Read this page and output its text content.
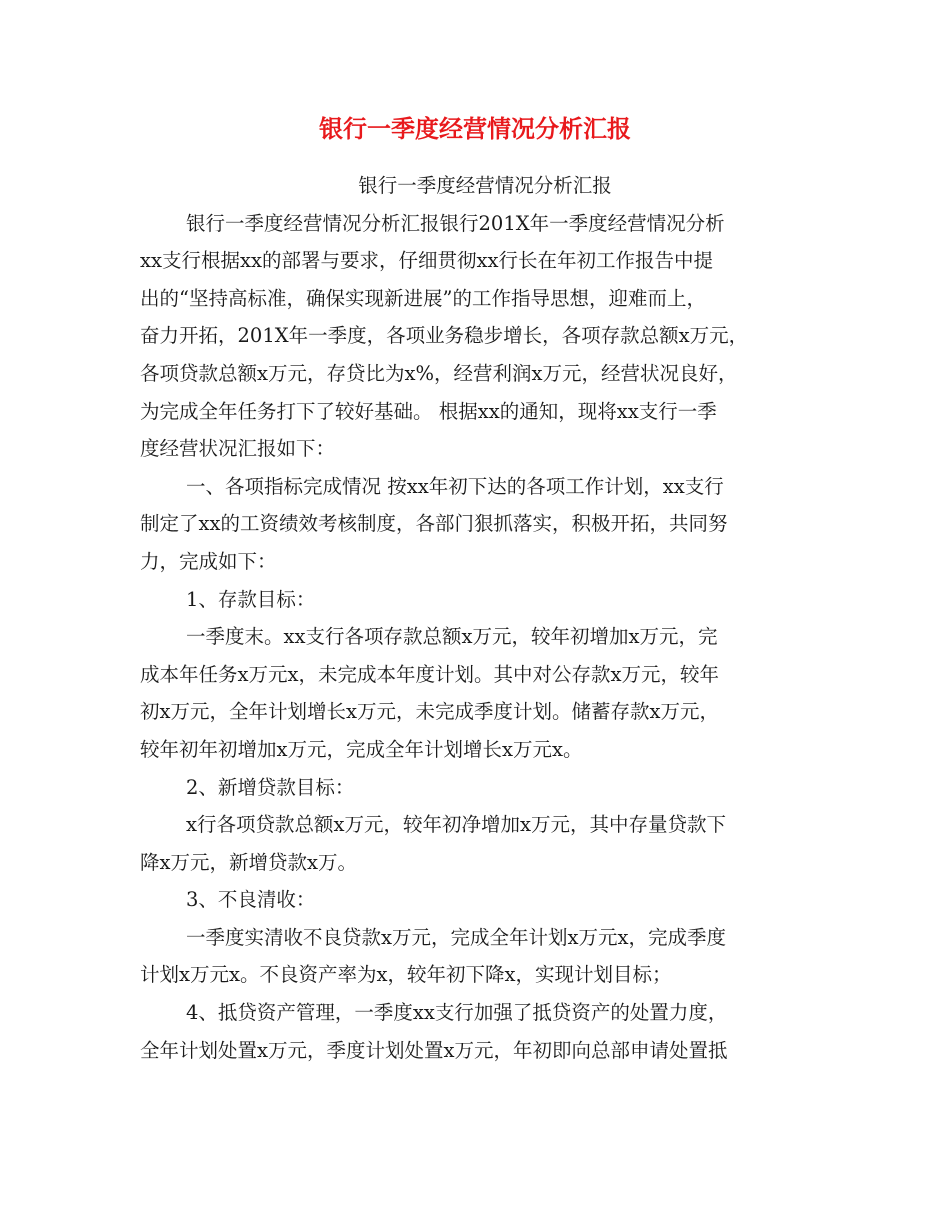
银行一季度经营情况分析汇报
银行一季度经营情况分析汇报
银行一季度经营情况分析汇报银行201X年一季度经营情况分析
xx支行根据xx的部署与要求，仔细贯彻xx行长在年初工作报告中提
出的“坚持高标准，确保实现新进展”的工作指导思想，迎难而上，
奋力开拓，201X年一季度，各项业务稳步增长，各项存款总额x万元，
各项贷款总额x万元，存贷比为x%，经营利润x万元，经营状况良好，
为完成全年任务打下了较好基础。 根据xx的通知，现将xx支行一季
度经营状况汇报如下：
一、各项指标完成情况 按xx年初下达的各项工作计划，xx支行
制定了xx的工资绩效考核制度，各部门狠抓落实，积极开拓，共同努
力，完成如下：
1、存款目标：
一季度末。xx支行各项存款总额x万元，较年初增加x万元，完
成本年任务x万元x，未完成本年度计划。其中对公存款x万元，较年
初x万元，全年计划增长x万元，未完成季度计划。储蓄存款x万元，
较年初年初增加x万元，完成全年计划增长x万元x。
2、新增贷款目标：
x行各项贷款总额x万元，较年初净增加x万元，其中存量贷款下
降x万元，新增贷款x万。
3、不良清收：
一季度实清收不良贷款x万元，完成全年计划x万元x，完成季度
计划x万元x。不良资产率为x，较年初下降x，实现计划目标；
4、抵贷资产管理，一季度xx支行加强了抵贷资产的处置力度，
全年计划处置x万元，季度计划处置x万元，年初即向总部申请处置抵
